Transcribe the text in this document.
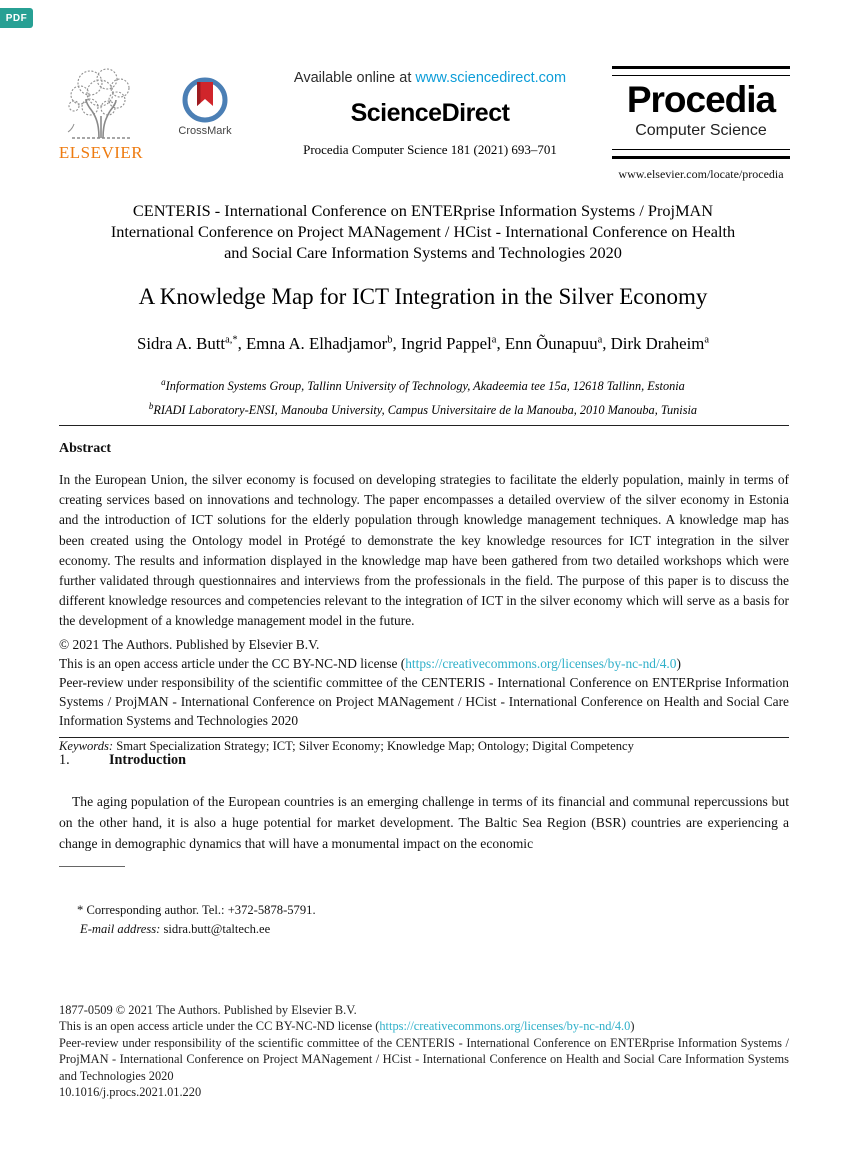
PDF
ELSEVIER
CrossMark
Available online at www.sciencedirect.com
ScienceDirect
Procedia Computer Science 181 (2021) 693–701
Procedia
Computer Science
www.elsevier.com/locate/procedia
CENTERIS - International Conference on ENTERprise Information Systems / ProjMAN
International Conference on Project MANagement / HCist - International Conference on Health
and Social Care Information Systems and Technologies 2020
A Knowledge Map for ICT Integration in the Silver Economy
Sidra A. Butt$^{a,*}$, Emna A. Elhadjamor$^b$, Ingrid Pappel$^a$, Enn Õunapuu$^a$, Dirk Draheim$^a$
$^a$Information Systems Group, Tallinn University of Technology, Akadeemia tee 15a, 12618 Tallinn, Estonia
$^b$RIADI Laboratory-ENSI, Manouba University, Campus Universitaire de la Manouba, 2010 Manouba, Tunisia
Abstract

In the European Union, the silver economy is focused on developing strategies to facilitate the elderly population, mainly in terms of creating services based on innovations and technology. The paper encompasses a detailed overview of the silver economy in Estonia and the introduction of ICT solutions for the elderly population through knowledge management techniques. A knowledge map has been created using the Ontology model in Protégé to demonstrate the key knowledge resources for ICT integration in the silver economy. The results and information displayed in the knowledge map have been gathered from two detailed workshops which were further validated through questionnaires and interviews from the professionals in the field. The purpose of this paper is to discuss the different knowledge resources and competencies relevant to the integration of ICT in the silver economy which will serve as a basis for the development of a knowledge management model in the future.

© 2021 The Authors. Published by Elsevier B.V.
This is an open access article under the CC BY-NC-ND license (https://creativecommons.org/licenses/by-nc-nd/4.0)
Peer-review under responsibility of the scientific committee of the CENTERIS - International Conference on ENTERprise Information Systems / ProjMAN - International Conference on Project MANagement / HCist - International Conference on Health and Social Care Information Systems and Technologies 2020
Keywords: Smart Specialization Strategy; ICT; Silver Economy; Knowledge Map; Ontology; Digital Competency
1.	Introduction

The aging population of the European countries is an emerging challenge in terms of its financial and communal repercussions but on the other hand, it is also a huge potential for market development. The Baltic Sea Region (BSR) countries are experiencing a change in demographic dynamics that will have a monumental impact on the economic

* Corresponding author. Tel.: +372-5878-5791.
E-mail address: sidra.butt@taltech.ee
1877-0509 © 2021 The Authors. Published by Elsevier B.V.
This is an open access article under the CC BY-NC-ND license (https://creativecommons.org/licenses/by-nc-nd/4.0)
Peer-review under responsibility of the scientific committee of the CENTERIS - International Conference on ENTERprise Information Systems / ProjMAN - International Conference on Project MANagement / HCist - International Conference on Health and Social Care Information Systems and Technologies 2020
10.1016/j.procs.2021.01.220
